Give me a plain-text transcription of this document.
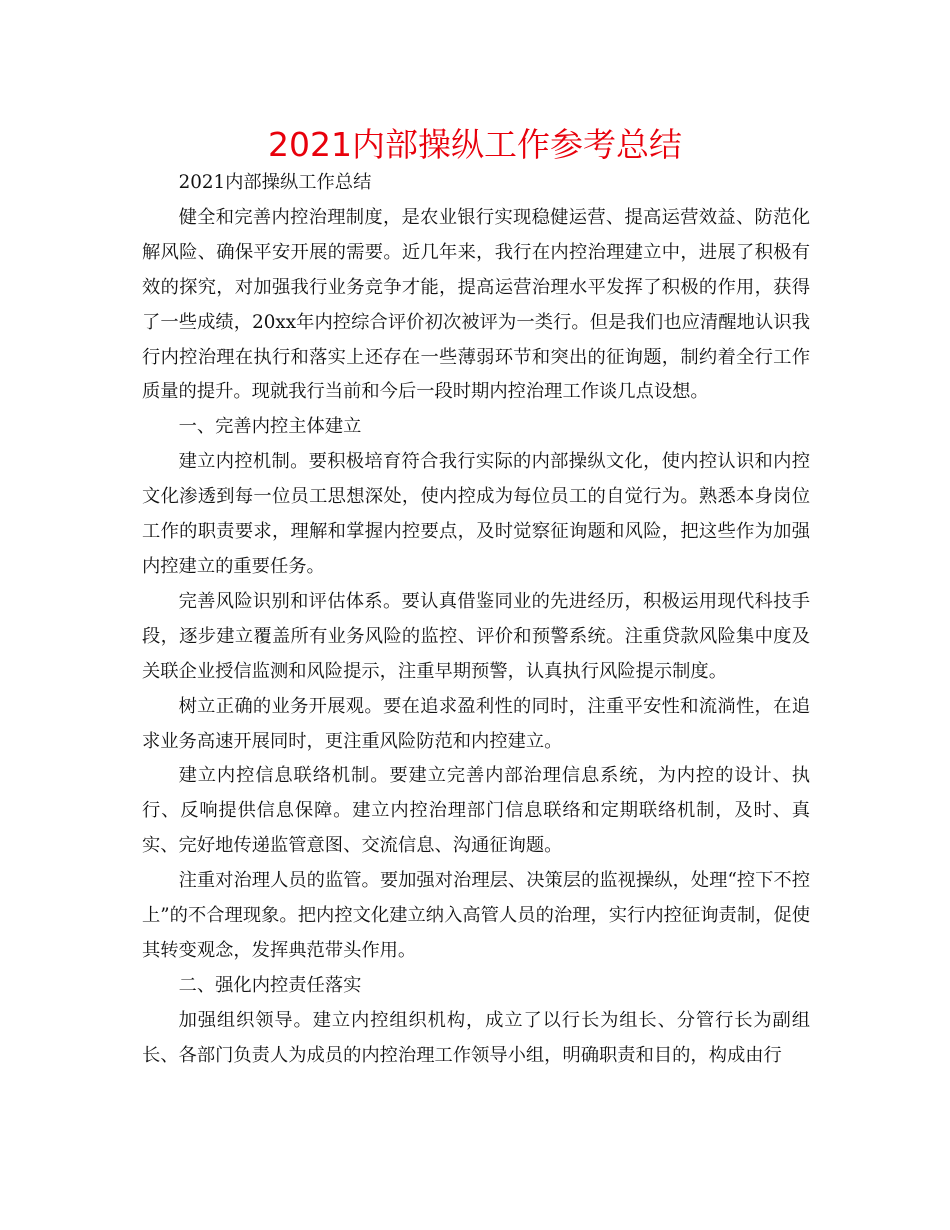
2021内部操纵工作参考总结

2021内部操纵工作总结

健全和完善内控治理制度，是农业银行实现稳健运营、提高运营效益、防范化解风险、确保平安开展的需要。近几年来，我行在内控治理建立中，进展了积极有效的探究，对加强我行业务竞争才能，提高运营治理水平发挥了积极的作用，获得了一些成绩，20xx年内控综合评价初次被评为一类行。但是我们也应清醒地认识我行内控治理在执行和落实上还存在一些薄弱环节和突出的征询题，制约着全行工作质量的提升。现就我行当前和今后一段时期内控治理工作谈几点设想。

一、完善内控主体建立

建立内控机制。要积极培育符合我行实际的内部操纵文化，使内控认识和内控文化渗透到每一位员工思想深处，使内控成为每位员工的自觉行为。熟悉本身岗位工作的职责要求，理解和掌握内控要点，及时觉察征询题和风险，把这些作为加强内控建立的重要任务。

完善风险识别和评估体系。要认真借鉴同业的先进经历，积极运用现代科技手段，逐步建立覆盖所有业务风险的监控、评价和预警系统。注重贷款风险集中度及关联企业授信监测和风险提示，注重早期预警，认真执行风险提示制度。

树立正确的业务开展观。要在追求盈利性的同时，注重平安性和流淌性，在追求业务高速开展同时，更注重风险防范和内控建立。

建立内控信息联络机制。要建立完善内部治理信息系统，为内控的设计、执行、反响提供信息保障。建立内控治理部门信息联络和定期联络机制，及时、真实、完好地传递监管意图、交流信息、沟通征询题。

注重对治理人员的监管。要加强对治理层、决策层的监视操纵，处理“控下不控上”的不合理现象。把内控文化建立纳入高管人员的治理，实行内控征询责制，促使其转变观念，发挥典范带头作用。

二、强化内控责任落实

加强组织领导。建立内控组织机构，成立了以行长为组长、分管行长为副组长、各部门负责人为成员的内控治理工作领导小组，明确职责和目的，构成由行
